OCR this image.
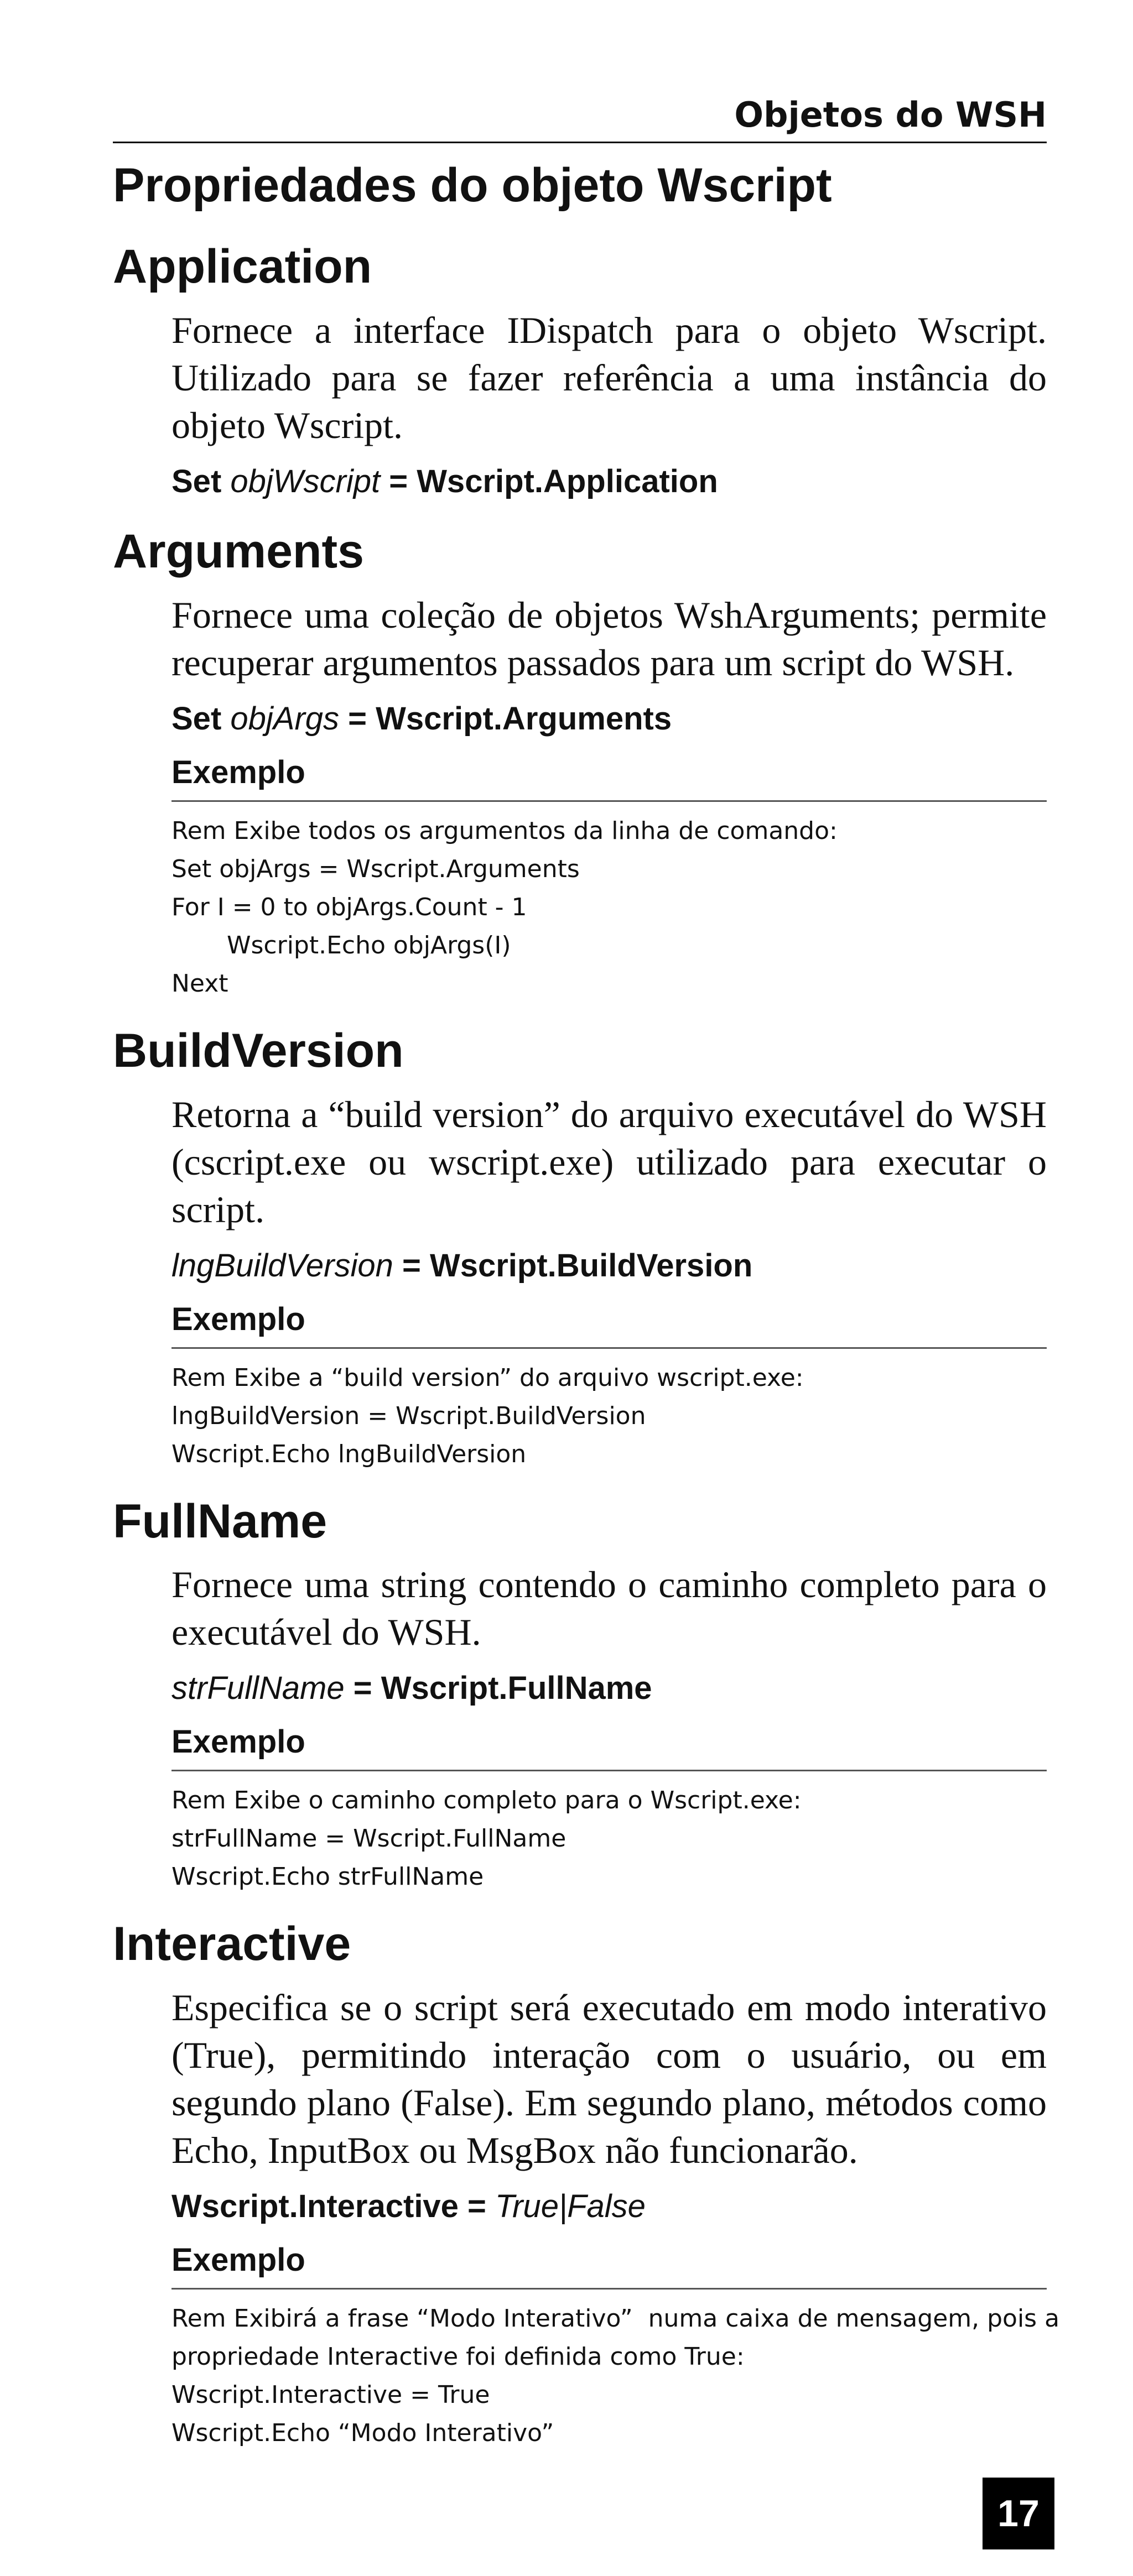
Objetos do WSH
Propriedades do objeto Wscript
Application

Fornece a interface IDispatch para o objeto Wscript. Utilizado para se fazer referência a uma instância do objeto Wscript.

Set objWscript = Wscript.Application
Arguments

Fornece uma coleção de objetos WshArguments; permite recuperar argumentos passados para um script do WSH.

Set objArgs = Wscript.Arguments
Exemplo
Rem Exibe todos os argumentos da linha de comando:
Set objArgs = Wscript.Arguments
For I = 0 to objArgs.Count - 1
Wscript.Echo objArgs(I)
Next
BuildVersion

Retorna a “build version” do arquivo executável do WSH (cscript.exe ou wscript.exe) utilizado para executar o script.

lngBuildVersion = Wscript.BuildVersion
Exemplo
Rem Exibe a “build version” do arquivo wscript.exe:
lngBuildVersion = Wscript.BuildVersion
Wscript.Echo lngBuildVersion
FullName

Fornece uma string contendo o caminho completo para o executável do WSH.

strFullName = Wscript.FullName
Exemplo
Rem Exibe o caminho completo para o Wscript.exe:
strFullName = Wscript.FullName
Wscript.Echo strFullName
Interactive

Especifica se o script será executado em modo interativo (True), permitindo interação com o usuário, ou em segundo plano (False). Em segundo plano, métodos como Echo, InputBox ou MsgBox não funcionarão.

Wscript.Interactive = True|False
Exemplo
Rem Exibirá a frase “Modo Interativo”  numa caixa de mensagem, pois a
propriedade Interactive foi definida como True:
Wscript.Interactive = True
Wscript.Echo “Modo Interativo”
17
